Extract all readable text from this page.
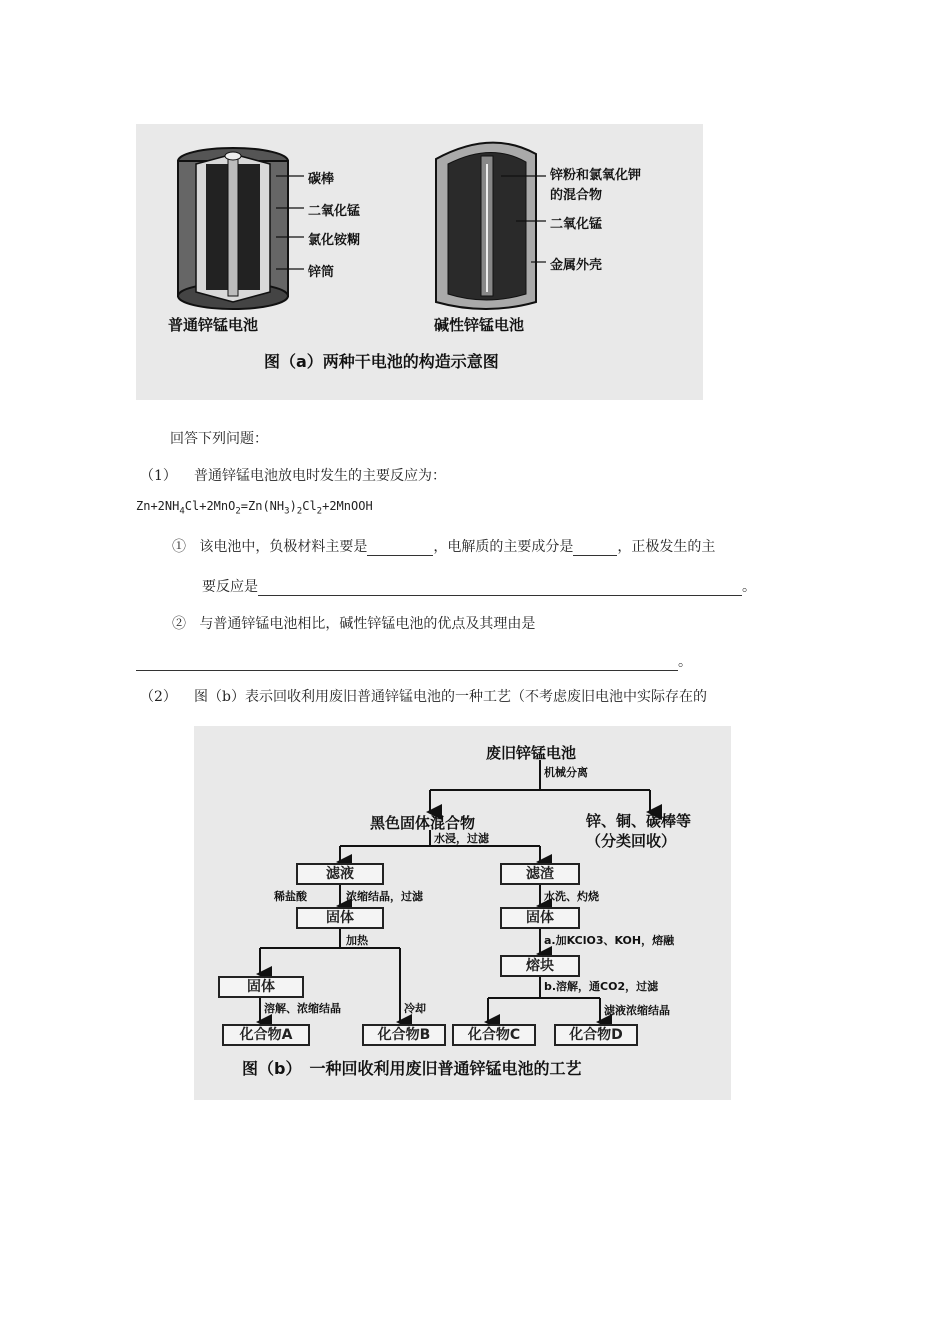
碳棒
二氧化锰
氯化铵糊
锌筒
锌粉和氯氧化钾
的混合物
二氧化锰
金属外壳
普通锌锰电池	碱性锌锰电池
图（a）两种干电池的构造示意图
回答下列问题：
（1） 普通锌锰电池放电时发生的主要反应为：
$Zn+2NH_4Cl+2MnO_2=Zn(NH_3)_2Cl_2+2MnOOH$
① 该电池中，负极材料主要是	，电解质的主要成分是	，正极发生的主
要反应是	。
② 与普通锌锰电池相比，碱性锌锰电池的优点及其理由是
。
（2） 图（b）表示回收利用废旧普通锌锰电池的一种工艺（不考虑废旧电池中实际存在的
废旧锌锰电池
机械分离
黑色固体混合物	锌、铜、碳棒等
（分类回收）
水浸，过滤
滤液	滤渣
稀盐酸	浓缩结晶，过滤	水洗、灼烧
固体	固体
加热	a.加KClO3、KOH，熔融
固体
熔块
溶解、浓缩结晶	冷却
b.溶解，通CO2，过滤
滤液浓缩结晶
化合物A	化合物B	化合物C	化合物D
图（b）　一种回收利用废旧普通锌锰电池的工艺
